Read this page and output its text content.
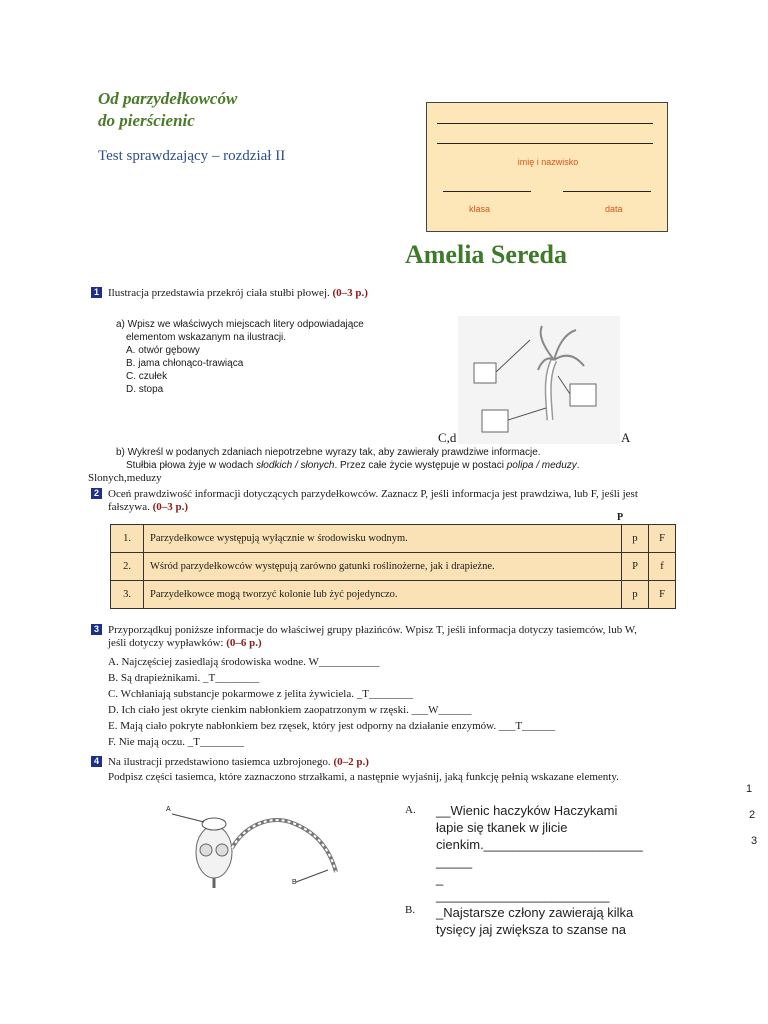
Od parzydełkowców
do pierścienic
Test sprawdzający – rozdział II	imię i nazwisko
klasa	data
Amelia Sereda
1 Ilustracja przedstawia przekrój ciała stułbi płowej. (0–3 p.)
a) Wpisz we właściwych miejscach litery odpowiadające
elementom wskazanym na ilustracji.
A. otwór gębowy
B. jama chłonąco-trawiąca
C. czułek
D. stopa
C,d	A
b) Wykreśl w podanych zdaniach niepotrzebne wyrazy tak, aby zawierały prawdziwe informacje.
Stułbia płowa żyje w wodach słodkich / słonych. Przez całe życie występuje w postaci polipa / meduzy.
Slonych,meduzy
2 Oceń prawdziwość informacji dotyczących parzydełkowców. Zaznacz P, jeśli informacja jest prawdziwa, lub F, jeśli jest
fałszywa. (0–3 p.)
P
1.	Parzydełkowce występują wyłącznie w środowisku wodnym.	p	F
2.	Wśród parzydełkowców występują zarówno gatunki roślinożerne, jak i drapieżne.	P	f
3.	Parzydełkowce mogą tworzyć kolonie lub żyć pojedynczo.	p	F
3 Przyporządkuj poniższe informacje do właściwej grupy płazińców. Wpisz T, jeśli informacja dotyczy tasiemców, lub W,
jeśli dotyczy wypławków: (0–6 p.)
A. Najczęściej zasiedlają środowiska wodne. W___________
B. Są drapieżnikami. _T________
C. Wchłaniają substancje pokarmowe z jelita żywiciela. _T________
D. Ich ciało jest okryte cienkim nabłonkiem zaopatrzonym w rzęski. ___W______
E. Mają ciało pokryte nabłonkiem bez rzęsek, który jest odporny na działanie enzymów. ___T______
F. Nie mają oczu. _T________
4 Na ilustracji przedstawiono tasiemca uzbrojonego. (0–2 p.)
Podpisz części tasiemca, które zaznaczono strzałkami, a następnie wyjaśnij, jaką funkcję pełnią wskazane elementy.
A
B
A. __Wienic haczyków Haczykami
łapie się tkanek w jlicie
cienkim.______________________
_____
_
________________________
B. _Najstarsze człony zawierają kilka
tysięcy jaj zwiększa to szanse na
1
2
3
